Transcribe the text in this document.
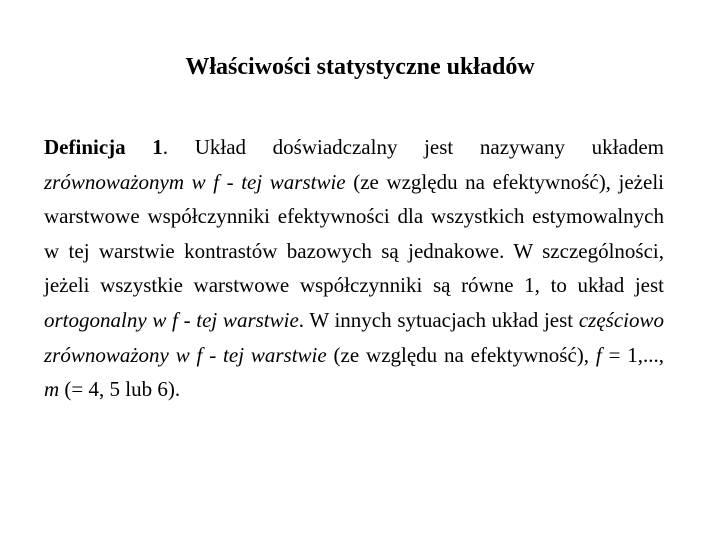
Właściwości statystyczne układów
Definicja 1. Układ doświadczalny jest nazywany układem zrównoważonym w f - tej warstwie (ze względu na efektywność), jeżeli warstwowe współczynniki efektywności dla wszystkich estymowalnych w tej warstwie kontrastów bazowych są jednakowe. W szczególności, jeżeli wszystkie warstwowe współczynniki są równe 1, to układ jest ortogonalny w f - tej warstwie. W innych sytuacjach układ jest częściowo zrównoważony w f - tej warstwie (ze względu na efektywność), f = 1,..., m (= 4, 5 lub 6).
